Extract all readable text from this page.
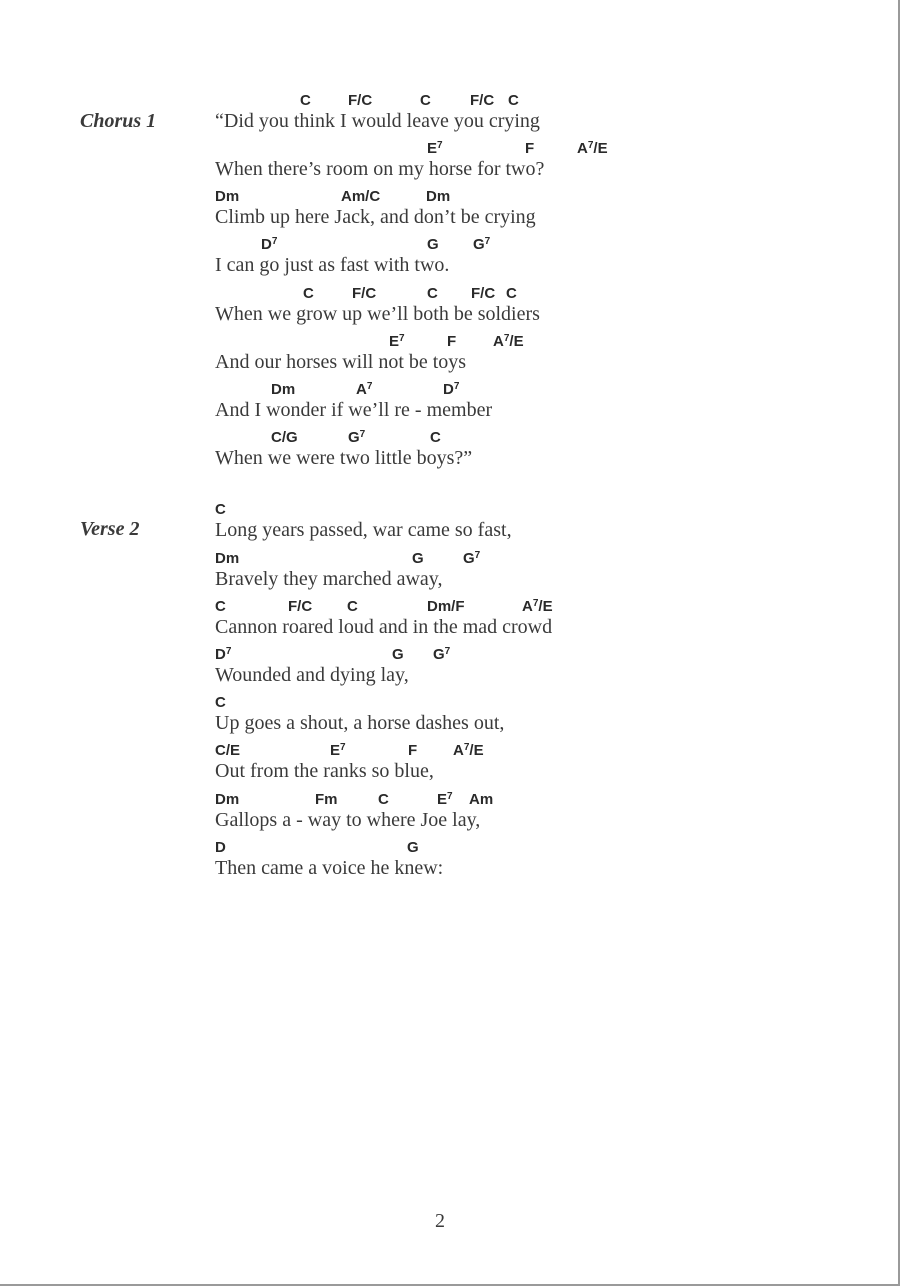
Chorus 1
C F/C	C	F/C C
“Did you think I would leave you crying
$E^7$	F	$A^7/E$
When there’s room on my horse for two?
Dm	Am/C	Dm
Climb up here Jack, and don’t be crying
$D^7$	G $G^7$
I can go just as fast with two.
C	F/C	C F/C C
When we grow up we’ll both be soldiers
$E^7$	F $A^7/E$
And our horses will not be toys
Dm	$A^7$	$D^7$
And I wonder if we’ll re - member
C/G	$G^7$	C
When we were two little boys?”
Verse 2
C
Long years passed, war came so fast,
Dm	G	$G^7$
Bravely they marched away,
C	F/C C	Dm/F	$A^7/E$
Cannon roared loud and in the mad crowd
$D^7$	G $G^7$
Wounded and dying lay,
C
Up goes a shout, a horse dashes out,
C/E	$E^7$	F $A^7/E$
Out from the ranks so blue,
Dm	Fm	C	$E^7$ Am
Gallops a - way to where Joe lay,
D	G
Then came a voice he knew:
2
